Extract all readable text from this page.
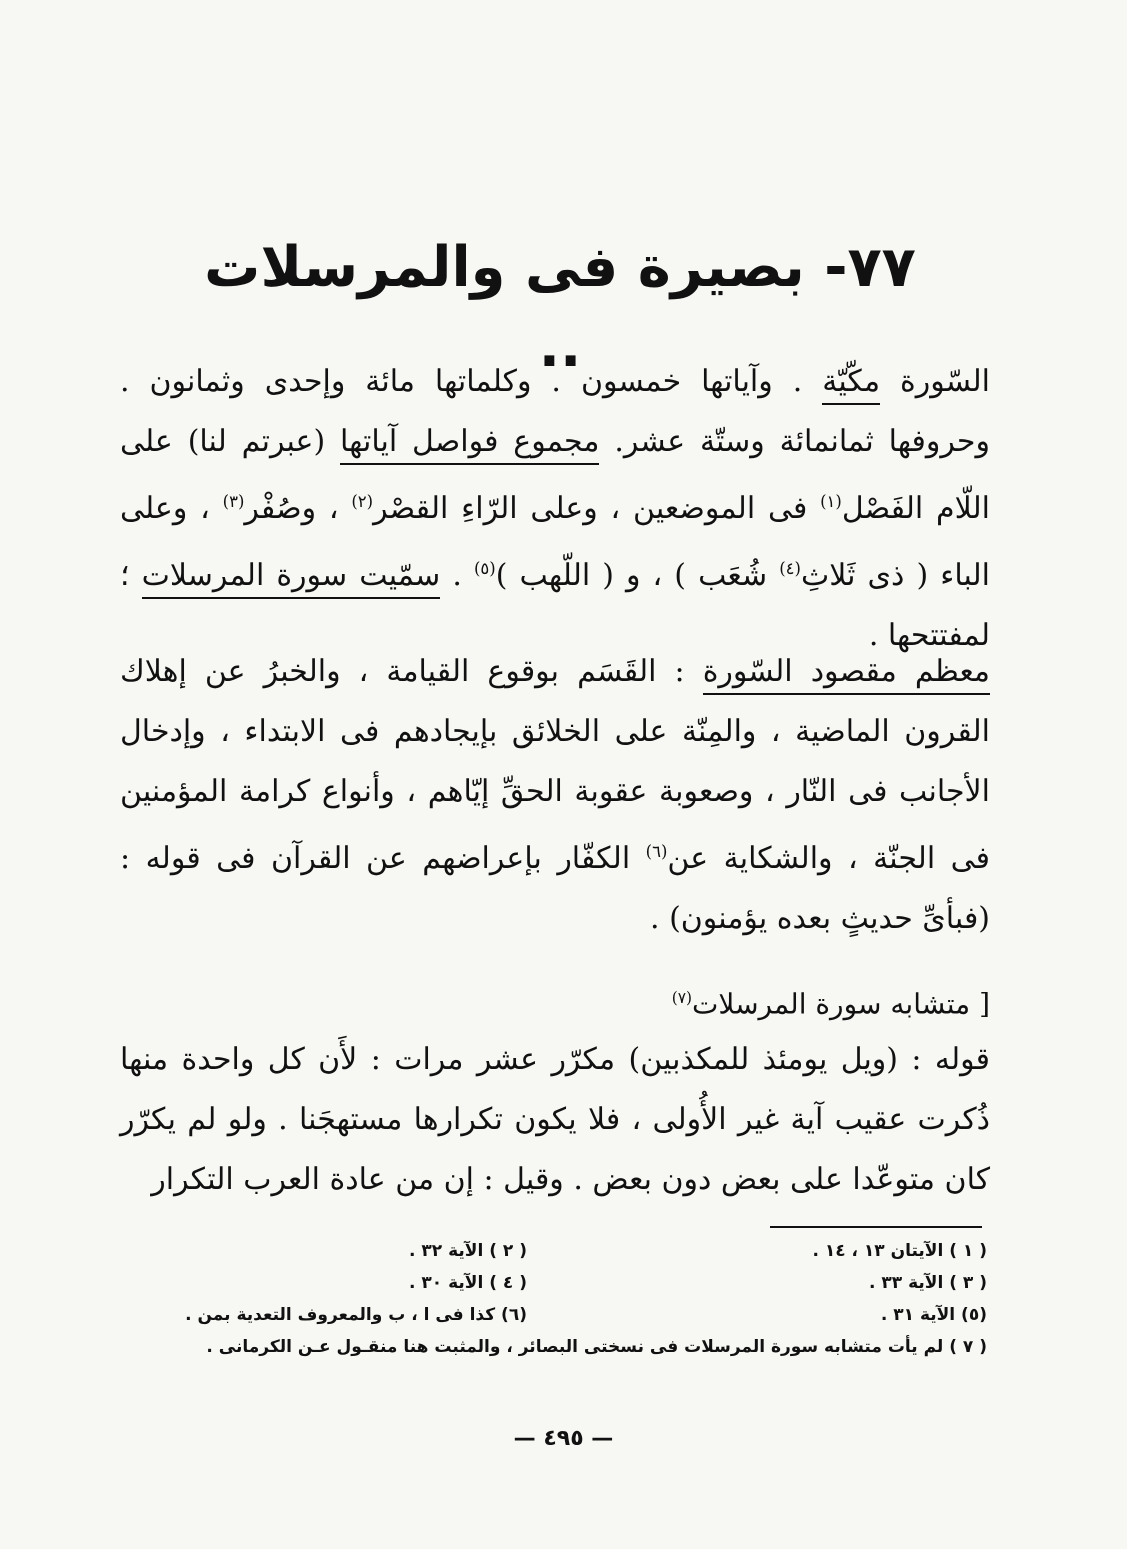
٧٧- بصيرة فى والمرسلات ..
السّورة مكّيّة . وآياتها خمسون . وكلماتها مائة وإحدى وثمانون . وحروفها ثمانمائة وستّة عشر. مجموع فواصل آياتها (عبرتم لنا) على اللّام الفَصْل$^{(١)}$ فى الموضعين ، وعلى الرّاءِ القصْر$^{(٢)}$ ، وصُفْر$^{(٣)}$ ، وعلى الباء ( ذى ثَلاثِ$^{(٤)}$ شُعَب ) ، و ( اللّهب )$^{(٥)}$ . سمّيت سورة المرسلات ؛ لمفتتحها .
معظم مقصود السّورة : القَسَم بوقوع القيامة ، والخبرُ عن إهلاك القرون الماضية ، والمِنّة على الخلائق بإيجادهم فى الابتداء ، وإدخال الأجانب فى النّار ، وصعوبة عقوبة الحقِّ إيّاهم ، وأنواع كرامة المؤمنين فى الجنّة ، والشكاية عن$^{(٦)}$ الكفّار بإعراضهم عن القرآن فى قوله : (فبأىِّ حديثٍ بعده يؤمنون) .
[ متشابه سورة المرسلات$^{(٧)}$
قوله : (ويل يومئذ للمكذبين) مكرّر عشر مرات : لأَن كل واحدة منها ذُكرت عقيب آية غير الأُولى ، فلا يكون تكرارها مستهجَنا . ولو لم يكرّر كان متوعّدا على بعض دون بعض . وقيل : إن من عادة العرب التكرار
( ١ ) الآيتان ١٣ ، ١٤ .
( ٢ ) الآية ٣٢ .
( ٣ ) الآية ٣٣ .
( ٤ ) الآية ٣٠ .
(٥) الآية ٣١ .
(٦) كذا فى ا ، ب والمعروف التعدية بمن .
( ٧ ) لم يأت متشابه سورة المرسلات فى نسختى البصائر ، والمثبت هنا منقـول عـن الكرمانى .
— ٤٩٥ —
